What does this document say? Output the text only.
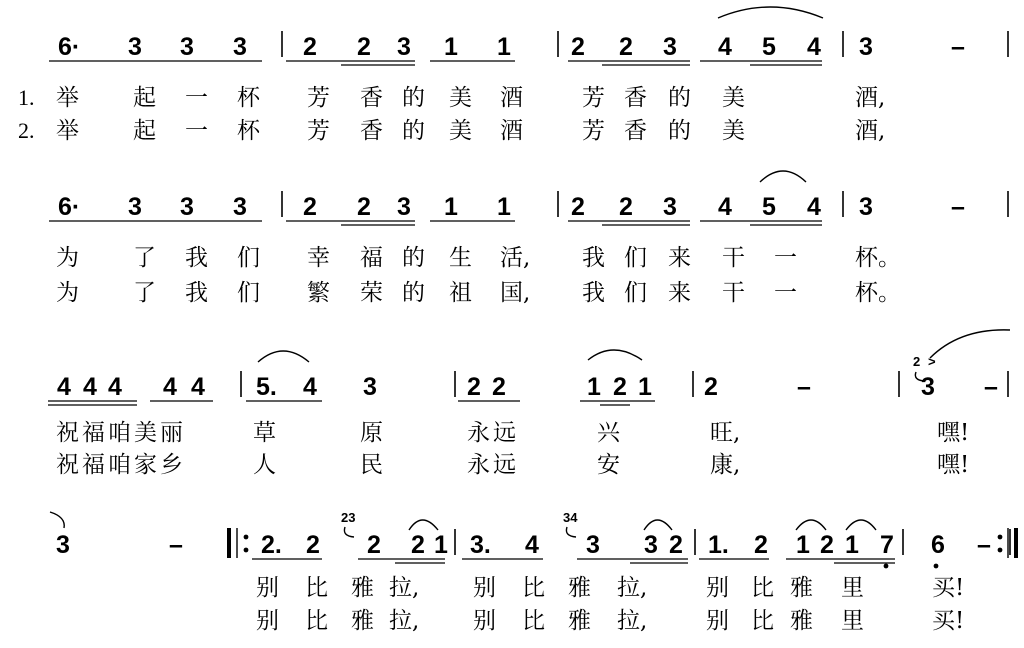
6· 3 3 3 2 2 3 1 1 2 2 3 4 5 4 3	–
6· 3 3 3 2 2 3 1 1 2 2 3 4 5 4 3	–
4 4 4 4 4 5. 4 3	2 2	1 2 1 2	–	3 –
3	–	2. 2 2 2 1 3. 4 3 3 2 1. 2 1 2 1 7 6 –
1. 举 起 一 杯 芳 香 的 美 酒	芳 香 的 美	酒,
2. 举 起 一 杯 芳 香 的 美 酒	芳 香 的 美	酒,
为 了 我 们 幸 福 的 生 活, 我 们 来 干 一	杯。
为 了 我 们 繁 荣 的 祖 国, 我 们 来 干 一	杯。
祝 福 咱 美 丽	草	原	永 远	兴	旺,	嘿!
祝 福 咱 家 乡	人	民	永 远	安	康,	嘿!
别 比 雅 拉, 别 比 雅 拉,	别 比 雅 里	买!
别 比 雅 拉, 别 比 雅 拉,	别 比 雅 里	买!
2 >
23	34
